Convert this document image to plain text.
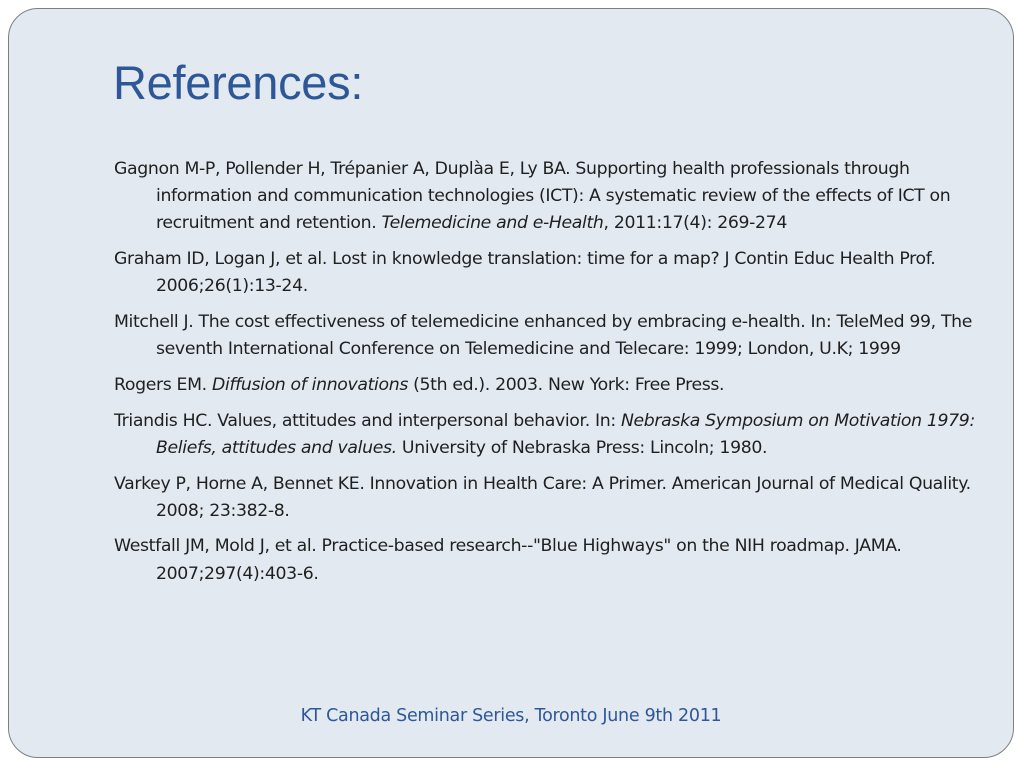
References:
Gagnon M-P, Pollender H, Trépanier A, Duplàa E, Ly BA. Supporting health professionals through information and communication technologies (ICT): A systematic review of the effects of ICT on recruitment and retention. Telemedicine and e-Health, 2011:17(4): 269-274
Graham ID, Logan J, et al. Lost in knowledge translation: time for a map? J Contin Educ Health Prof. 2006;26(1):13-24.
Mitchell J. The cost effectiveness of telemedicine enhanced by embracing e-health. In: TeleMed 99, The seventh International Conference on Telemedicine and Telecare: 1999; London, U.K; 1999
Rogers EM. Diffusion of innovations (5th ed.). 2003. New York: Free Press.
Triandis HC. Values, attitudes and interpersonal behavior. In: Nebraska Symposium on Motivation 1979: Beliefs, attitudes and values. University of Nebraska Press: Lincoln; 1980.
Varkey P, Horne A, Bennet KE. Innovation in Health Care: A Primer. American Journal of Medical Quality. 2008; 23:382-8.
Westfall JM, Mold J, et al. Practice-based research--"Blue Highways" on the NIH roadmap. JAMA. 2007;297(4):403-6.
KT Canada Seminar Series, Toronto June 9th 2011
